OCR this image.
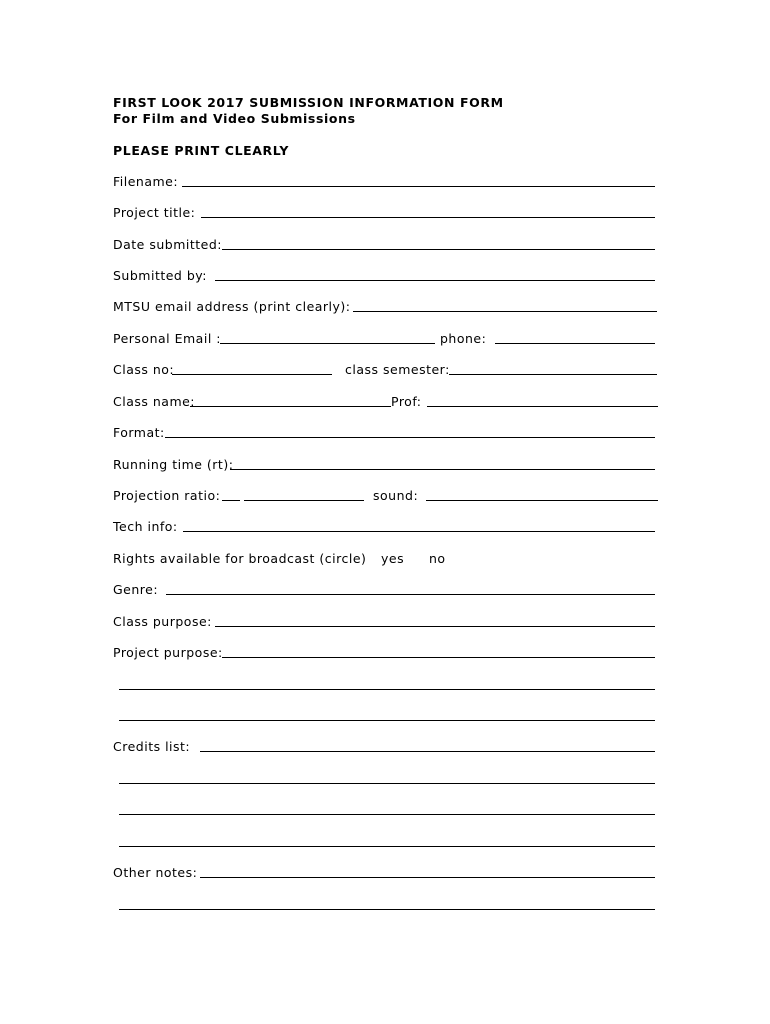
FIRST LOOK 2017 SUBMISSION INFORMATION FORM
For Film and Video Submissions
PLEASE PRINT CLEARLY
Filename:
Project title:
Date submitted:
Submitted by:
MTSU email address (print clearly):
Personal Email :	phone:
Class no:	class semester:
Class name:	Prof:
Format:
Running time (rt):
Projection ratio:	sound:
Tech info:
Rights available for broadcast (circle) yes no
Genre:
Class purpose:
Project purpose:
Credits list:
Other notes:
